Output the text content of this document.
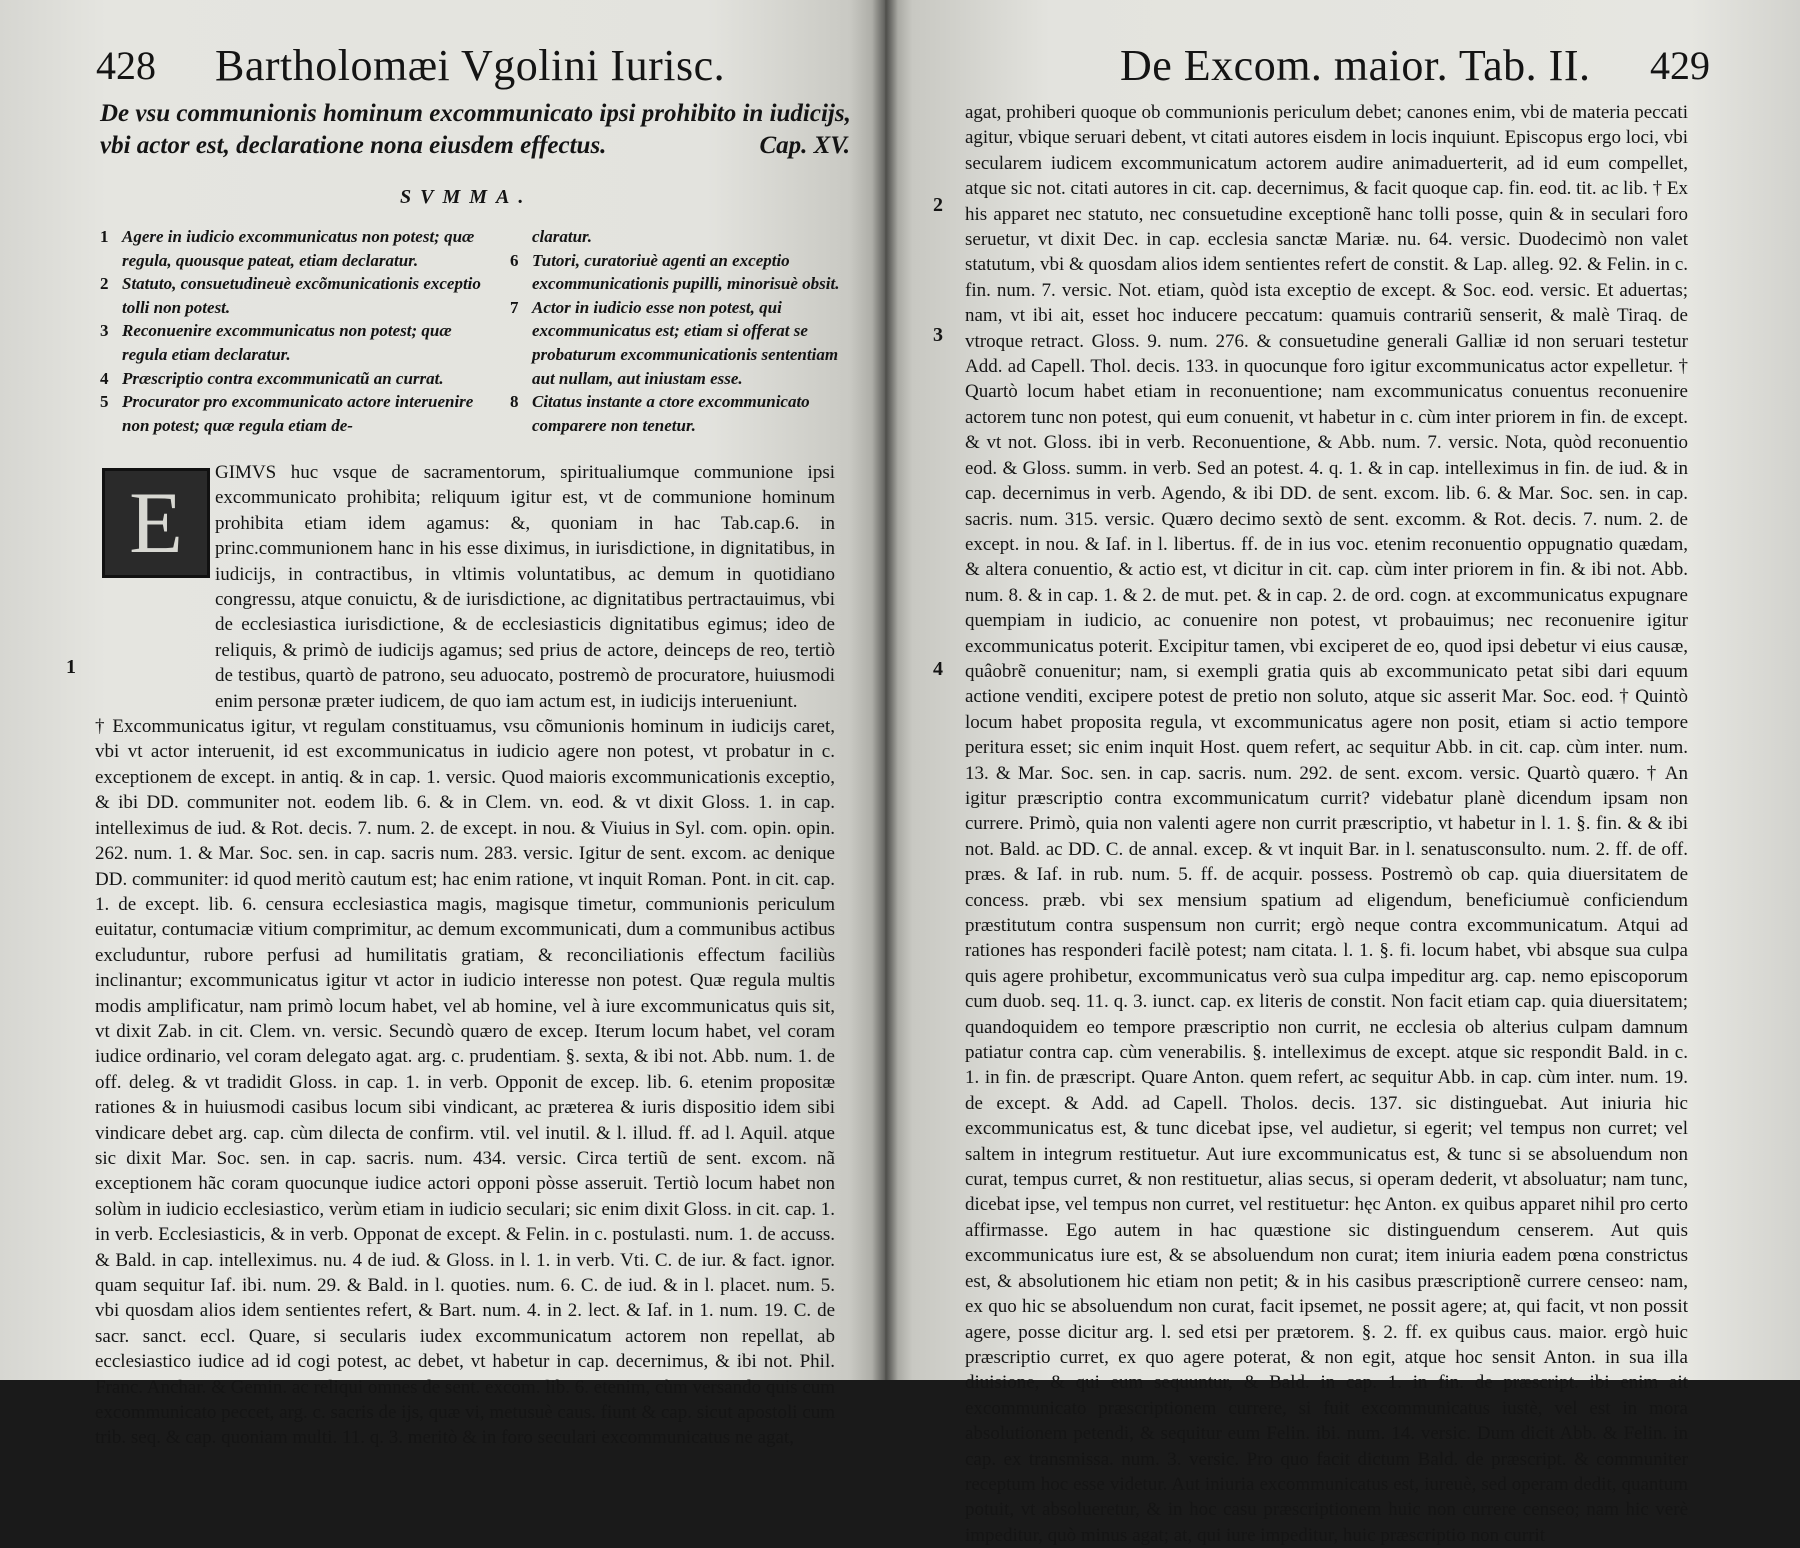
428 Bartholomæi Vgolini Iurisc.
De vsu communionis hominum excommunicato ipsi prohibito in iudicijs, vbi actor est, declaratione nona eiusdem effectus.	Cap. XV.
SVMMA.
1 Agere in iudicio excommunicatus non potest; quæ regula, quousque pateat, etiam declaratur.
2 Statuto, consuetudineuè excõmunicationis exceptio tolli non potest.
3 Reconuenire excommunicatus non potest; quæ regula etiam declaratur.
4 Præscriptio contra excommunicatũ an currat.
5 Procurator pro excommunicato actore interuenire non potest; quæ regula etiam de-
claratur.
6 Tutori, curatoriuè agenti an exceptio excommunicationis pupilli, minorisuè obsit.
7 Actor in iudicio esse non potest, qui excommunicatus est; etiam si offerat se probaturum excommunicationis sententiam aut nullam, aut iniustam esse.
8 Citatus instante a ctore excommunicato comparere non tenetur.
E

GIMVS huc vsque de sacramentorum, spiritualiumque communione ipsi excommunicato prohibita; reliquum igitur est, vt de communione hominum prohibita etiam idem agamus: &, quoniam in hac Tab.cap.6. in princ.communionem hanc in his esse diximus, in iurisdictione, in dignitatibus, in iudicijs, in contractibus, in vltimis voluntatibus, ac demum in quotidiano congressu, atque conuictu, & de iurisdictione, ac dignitatibus pertractauimus, vbi de ecclesiastica iurisdictione, & de ecclesiasticis dignitatibus egimus; ideo de reliquis, & primò de iudicijs agamus; sed prius de actore, deinceps de reo, tertiò de testibus, quartò de patrono, seu aduocato, postremò de procuratore, huiusmodi enim personæ præter iudicem, de quo iam actum est, in iudicijs interueniunt.

† Excommunicatus igitur, vt regulam constituamus, vsu cõmunionis hominum in iudicijs caret, vbi vt actor interuenit, id est excommunicatus in iudicio agere non potest, vt probatur in c. exceptionem de except. in antiq. & in cap. 1. versic. Quod maioris excommunicationis exceptio, & ibi DD. communiter not. eodem lib. 6. & in Clem. vn. eod. & vt dixit Gloss. 1. in cap. intelleximus de iud. & Rot. decis. 7. num. 2. de except. in nou. & Viuius in Syl. com. opin. opin. 262. num. 1. & Mar. Soc. sen. in cap. sacris num. 283. versic. Igitur de sent. excom. ac denique DD. communiter: id quod meritò cautum est; hac enim ratione, vt inquit Roman. Pont. in cit. cap. 1. de except. lib. 6. censura ecclesiastica magis, magisque timetur, communionis periculum euitatur, contumaciæ vitium comprimitur, ac demum excommunicati, dum a communibus actibus excluduntur, rubore perfusi ad humilitatis gratiam, & reconciliationis effectum faciliùs inclinantur; excommunicatus igitur vt actor in iudicio interesse non potest. Quæ regula multis modis amplificatur, nam primò locum habet, vel ab homine, vel à iure excommunicatus quis sit, vt dixit Zab. in cit. Clem. vn. versic. Secundò quæro de excep. Iterum locum habet, vel coram iudice ordinario, vel coram delegato agat. arg. c. prudentiam. §. sexta, & ibi not. Abb. num. 1. de off. deleg. & vt tradidit Gloss. in cap. 1. in verb. Opponit de excep. lib. 6. etenim propositæ rationes & in huiusmodi casibus locum sibi vindicant, ac præterea & iuris dispositio idem sibi vindicare debet arg. cap. cùm dilecta de confirm. vtil. vel inutil. & l. illud. ff. ad l. Aquil. atque sic dixit Mar. Soc. sen. in cap. sacris. num. 434. versic. Circa tertiũ de sent. excom. nã exceptionem hãc coram quocunque iudice actori opponi pòsse asseruit. Tertiò locum habet non solùm in iudicio ecclesiastico, verùm etiam in iudicio seculari; sic enim dixit Gloss. in cit. cap. 1. in verb. Ecclesiasticis, & in verb. Opponat de except. & Felin. in c. postulasti. num. 1. de accuss. & Bald. in cap. intelleximus. nu. 4 de iud. & Gloss. in l. 1. in verb. Vti. C. de iur. & fact. ignor. quam sequitur Iaf. ibi. num. 29. & Bald. in l. quoties. num. 6. C. de iud. & in l. placet. num. 5. vbi quosdam alios idem sentientes refert, & Bart. num. 4. in 2. lect. & Iaf. in 1. num. 19. C. de sacr. sanct. eccl. Quare, si secularis iudex excommunicatum actorem non repellat, ab ecclesiastico iudice ad id cogi potest, ac debet, vt habetur in cap. decernimus, & ibi not. Phil. Franc. Anchar. & Gemin. ac reliqui omnes de sent. excom. lib. 6. etenim, cùm versando quis cum excommunicato peccet, arg. c. sacris de ijs, quæ vi, metusuè caus. fiunt & cap. sicut apostoli cum trib. seq. & cap. quoniam multi. 11. q. 3. meritò & in foro seculari excommunicatus ne agat,

1
De Excom. maior. Tab. II. 429

agat, prohiberi quoque ob communionis periculum debet; canones enim, vbi de materia peccati agitur, vbique seruari debent, vt citati autores eisdem in locis inquiunt. Episcopus ergo loci, vbi secularem iudicem excommunicatum actorem audire animaduerterit, ad id eum compellet, atque sic not. citati autores in cit. cap. decernimus, & facit quoque cap. fin. eod. tit. ac lib. † Ex his apparet nec statuto, nec consuetudine exceptionẽ hanc tolli posse, quin & in seculari foro seruetur, vt dixit Dec. in cap. ecclesia sanctæ Mariæ. nu. 64. versic. Duodecimò non valet statutum, vbi & quosdam alios idem sentientes refert de constit. & Lap. alleg. 92. & Felin. in c. fin. num. 7. versic. Not. etiam, quòd ista exceptio de except. & Soc. eod. versic. Et aduertas; nam, vt ibi ait, esset hoc inducere peccatum: quamuis contrariũ senserit, & malè Tiraq. de vtroque retract. Gloss. 9. num. 276. & consuetudine generali Galliæ id non seruari testetur Add. ad Capell. Thol. decis. 133. in quocunque foro igitur excommunicatus actor expelletur. † Quartò locum habet etiam in reconuentione; nam excommunicatus conuentus reconuenire actorem tunc non potest, qui eum conuenit, vt habetur in c. cùm inter priorem in fin. de except. & vt not. Gloss. ibi in verb. Reconuentione, & Abb. num. 7. versic. Nota, quòd reconuentio eod. & Gloss. summ. in verb. Sed an potest. 4. q. 1. & in cap. intelleximus in fin. de iud. & in cap. decernimus in verb. Agendo, & ibi DD. de sent. excom. lib. 6. & Mar. Soc. sen. in cap. sacris. num. 315. versic. Quæro decimo sextò de sent. excomm. & Rot. decis. 7. num. 2. de except. in nou. & Iaf. in l. libertus. ff. de in ius voc. etenim reconuentio oppugnatio quædam, & altera conuentio, & actio est, vt dicitur in cit. cap. cùm inter priorem in fin. & ibi not. Abb. num. 8. & in cap. 1. & 2. de mut. pet. & in cap. 2. de ord. cogn. at excommunicatus expugnare quempiam in iudicio, ac conuenire non potest, vt probauimus; nec reconuenire igitur excommunicatus poterit. Excipitur tamen, vbi exciperet de eo, quod ipsi debetur vi eius causæ, quâobrẽ conuenitur; nam, si exempli gratia quis ab excommunicato petat sibi dari equum actione venditi, excipere potest de pretio non soluto, atque sic asserit Mar. Soc. eod. † Quintò locum habet proposita regula, vt excommunicatus agere non posit, etiam si actio tempore peritura esset; sic enim inquit Host. quem refert, ac sequitur Abb. in cit. cap. cùm inter. num. 13. & Mar. Soc. sen. in cap. sacris. num. 292. de sent. excom. versic. Quartò quæro. † An igitur præscriptio contra excommunicatum currit? videbatur planè dicendum ipsam non currere. Primò, quia non valenti agere non currit præscriptio, vt habetur in l. 1. §. fin. & & ibi not. Bald. ac DD. C. de annal. excep. & vt inquit Bar. in l. senatusconsulto. num. 2. ff. de off. præs. & Iaf. in rub. num. 5. ff. de acquir. possess. Postremò ob cap. quia diuersitatem de concess. præb. vbi sex mensium spatium ad eligendum, beneficiumuè conficiendum præstitutum contra suspensum non currit; ergò neque contra excommunicatum. Atqui ad rationes has responderi facilè potest; nam citata. l. 1. §. fi. locum habet, vbi absque sua culpa quis agere prohibetur, excommunicatus verò sua culpa impeditur arg. cap. nemo episcoporum cum duob. seq. 11. q. 3. iunct. cap. ex literis de constit. Non facit etiam cap. quia diuersitatem; quandoquidem eo tempore præscriptio non currit, ne ecclesia ob alterius culpam damnum patiatur contra cap. cùm venerabilis. §. intelleximus de except. atque sic respondit Bald. in c. 1. in fin. de præscript. Quare Anton. quem refert, ac sequitur Abb. in cap. cùm inter. num. 19. de except. & Add. ad Capell. Tholos. decis. 137. sic distinguebat. Aut iniuria hic excommunicatus est, & tunc dicebat ipse, vel audietur, si egerit; vel tempus non curret; vel saltem in integrum restituetur. Aut iure excommunicatus est, & tunc si se absoluendum non curat, tempus curret, & non restituetur, alias secus, si operam dederit, vt absoluatur; nam tunc, dicebat ipse, vel tempus non curret, vel restituetur: hęc Anton. ex quibus apparet nihil pro certo affirmasse. Ego autem in hac quæstione sic distinguendum censerem. Aut quis excommunicatus iure est, & se absoluendum non curat; item iniuria eadem pœna constrictus est, & absolutionem hic etiam non petit; & in his casibus præscriptionẽ currere censeo: nam, ex quo hic se absoluendum non curat, facit ipsemet, ne possit agere; at, qui facit, vt non possit agere, posse dicitur arg. l. sed etsi per prætorem. §. 2. ff. ex quibus caus. maior. ergò huic præscriptio curret, ex quo agere poterat, & non egit, atque hoc sensit Anton. in sua illa diuisione, & qui eum sequuntur, & Bald. in cap. 1. in fin. de præscript. ibi enim ait excommunicato præscriptionem currere, si fuit excommunicatus iustè, vel est in mora absolutionem petendi, & sequitur eum Felin. ibi. num. 14. versic. Dum dicit Abb. & Felin. in cap. ex transmissa. num. 3. versic. Pro quo facit dictum Bald. de præscript. & communiter receptum hoc esse videtur. Aut iniuria excommunicatus est, iureuè, sed operam dedit, quantum potuit, vt absolueretur, & in hoc casu præscriptionem huic non currere censeo; nam hic verè impeditur, quò minus agat; at, qui iure impeditur, huic præscriptio non currit

2
3
4
